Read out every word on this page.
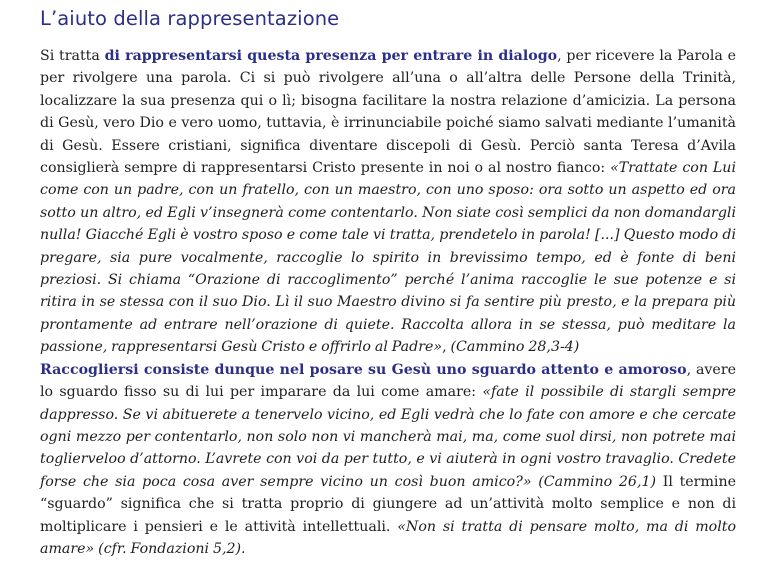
L’aiuto della rappresentazione
Si tratta di rappresentarsi questa presenza per entrare in dialogo, per ricevere la Parola e per rivolgere una parola. Ci si può rivolgere all’una o all’altra delle Persone della Trinità, localizzare la sua presenza qui o lì; bisogna facilitare la nostra relazione d’amicizia. La persona di Gesù, vero Dio e vero uomo, tuttavia, è irrinunciabile poiché siamo salvati mediante l’umanità di Gesù. Essere cristiani, significa diventare discepoli di Gesù. Perciò santa Teresa d’Avila consiglierà sempre di rappresentarsi Cristo presente in noi o al nostro fianco: «Trattate con Lui come con un padre, con un fratello, con un maestro, con uno sposo: ora sotto un aspetto ed ora sotto un altro, ed Egli v’insegnerà come contentarlo. Non siate così semplici da non domandargli nulla! Giacché Egli è vostro sposo e come tale vi tratta, prendetelo in parola! [...] Questo modo di pregare, sia pure vocalmente, raccoglie lo spirito in brevissimo tempo, ed è fonte di beni preziosi. Si chiama “Orazione di raccoglimento” perché l’anima raccoglie le sue potenze e si ritira in se stessa con il suo Dio. Lì il suo Maestro divino si fa sentire più presto, e la prepara più prontamente ad entrare nell’orazione di quiete. Raccolta allora in se stessa, può meditare la passione, rappresentarsi Gesù Cristo e offrirlo al Padre», (Cammino 28,3-4)
Raccogliersi consiste dunque nel posare su Gesù uno sguardo attento e amoroso, avere lo sguardo fisso su di lui per imparare da lui come amare: «fate il possibile di stargli sempre dappresso. Se vi abituerete a tenervelo vicino, ed Egli vedrà che lo fate con amore e che cercate ogni mezzo per contentarlo, non solo non vi mancherà mai, ma, come suol dirsi, non potrete mai toglierveloo d’attorno. L’avrete con voi da per tutto, e vi aiuterà in ogni vostro travaglio. Credete forse che sia poca cosa aver sempre vicino un così buon amico?» (Cammino 26,1) Il termine “sguardo” significa che si tratta proprio di giungere ad un’attività molto semplice e non di moltiplicare i pensieri e le attività intellettuali. «Non si tratta di pensare molto, ma di molto amare» (cfr. Fondazioni 5,2).
